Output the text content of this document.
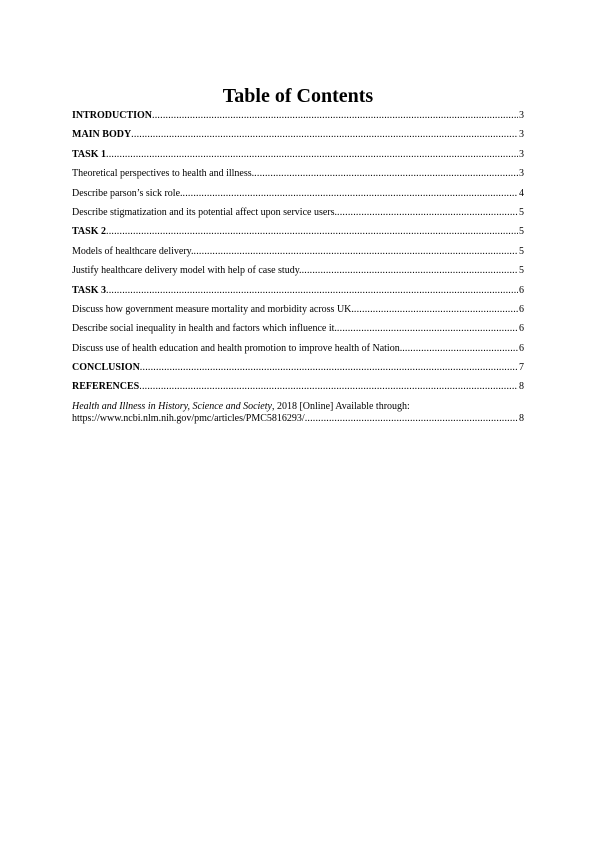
Table of Contents
INTRODUCTION .....	3
MAIN BODY .....	3
TASK 1 .....	3
Theoretical perspectives to health and illness. .....	3
Describe parson’s sick role. .....	4
Describe stigmatization and its potential affect upon service users. .....	5
TASK 2 .....	5
Models of healthcare delivery. .....	5
Justify healthcare delivery model with help of case study. .....	5
TASK 3 .....	6
Discuss how government measure mortality and morbidity across UK. .....	6
Describe social inequality in health and factors which influence it. .....	6
Discuss use of health education and health promotion to improve health of Nation. .....	6
CONCLUSION .....	7
REFERENCES .....	8
Health and Illness in History, Science and Society, 2018 [Online] Available through:
https://www.ncbi.nlm.nih.gov/pmc/articles/PMC5816293/ .....	8
